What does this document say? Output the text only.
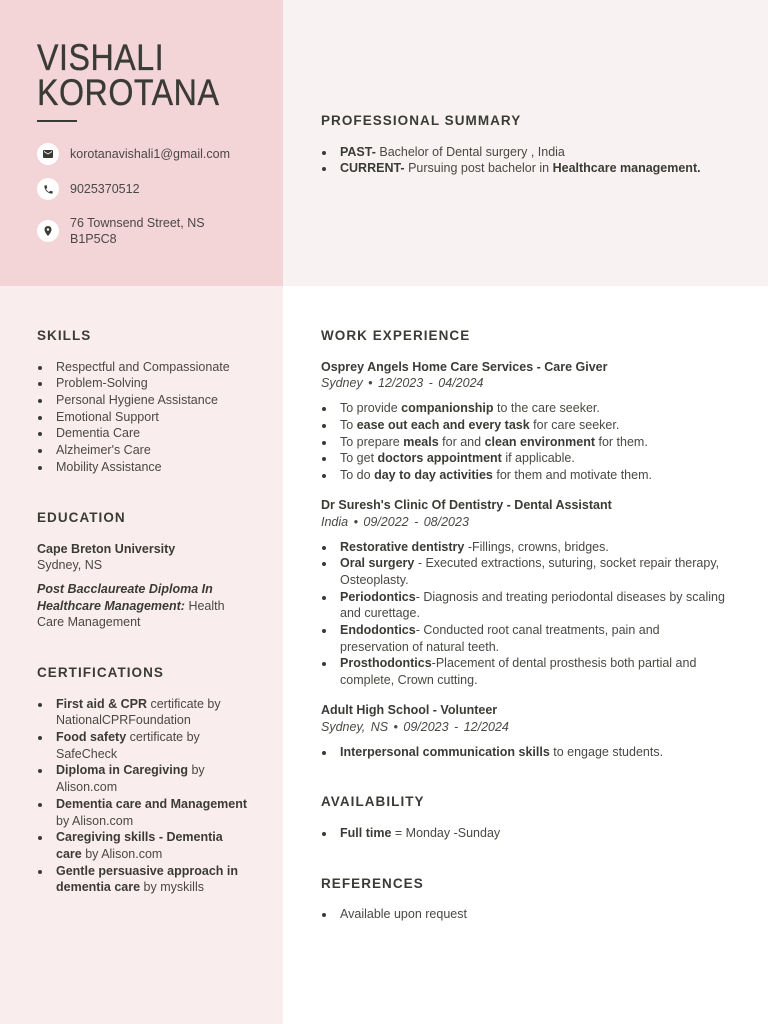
VISHALI
KOROTANA
korotanavishali1@gmail.com
9025370512
76 Townsend Street, NS
B1P5C8
PROFESSIONAL SUMMARY
PAST- Bachelor of Dental surgery , India
CURRENT- Pursuing post bachelor in Healthcare management.
SKILLS
Respectful and Compassionate
Problem-Solving
Personal Hygiene Assistance
Emotional Support
Dementia Care
Alzheimer's Care
Mobility Assistance
EDUCATION
Cape Breton University
Sydney, NS
Post Bacclaureate Diploma In
Healthcare Management: Health
Care Management
CERTIFICATIONS
First aid & CPR certificate by
NationalCPRFoundation
Food safety certificate by
SafeCheck
Diploma in Caregiving by
Alison.com
Dementia care and Management
by Alison.com
Caregiving skills - Dementia
care by Alison.com
Gentle persuasive approach in
dementia care by myskills
WORK EXPERIENCE
Osprey Angels Home Care Services - Care Giver
Sydney • 12/2023 - 04/2024
To provide companionship to the care seeker.
To ease out each and every task for care seeker.
To prepare meals for and clean environment for them.
To get doctors appointment if applicable.
To do day to day activities for them and motivate them.
Dr Suresh's Clinic Of Dentistry - Dental Assistant
India • 09/2022 - 08/2023
Restorative dentistry -Fillings, crowns, bridges.
Oral surgery - Executed extractions, suturing, socket repair therapy,
Osteoplasty.
Periodontics- Diagnosis and treating periodontal diseases by scaling
and curettage.
Endodontics- Conducted root canal treatments, pain and
preservation of natural teeth.
Prosthodontics-Placement of dental prosthesis both partial and
complete, Crown cutting.
Adult High School - Volunteer
Sydney, NS • 09/2023 - 12/2024
Interpersonal communication skills to engage students.
AVAILABILITY
Full time = Monday -Sunday
REFERENCES
Available upon request
